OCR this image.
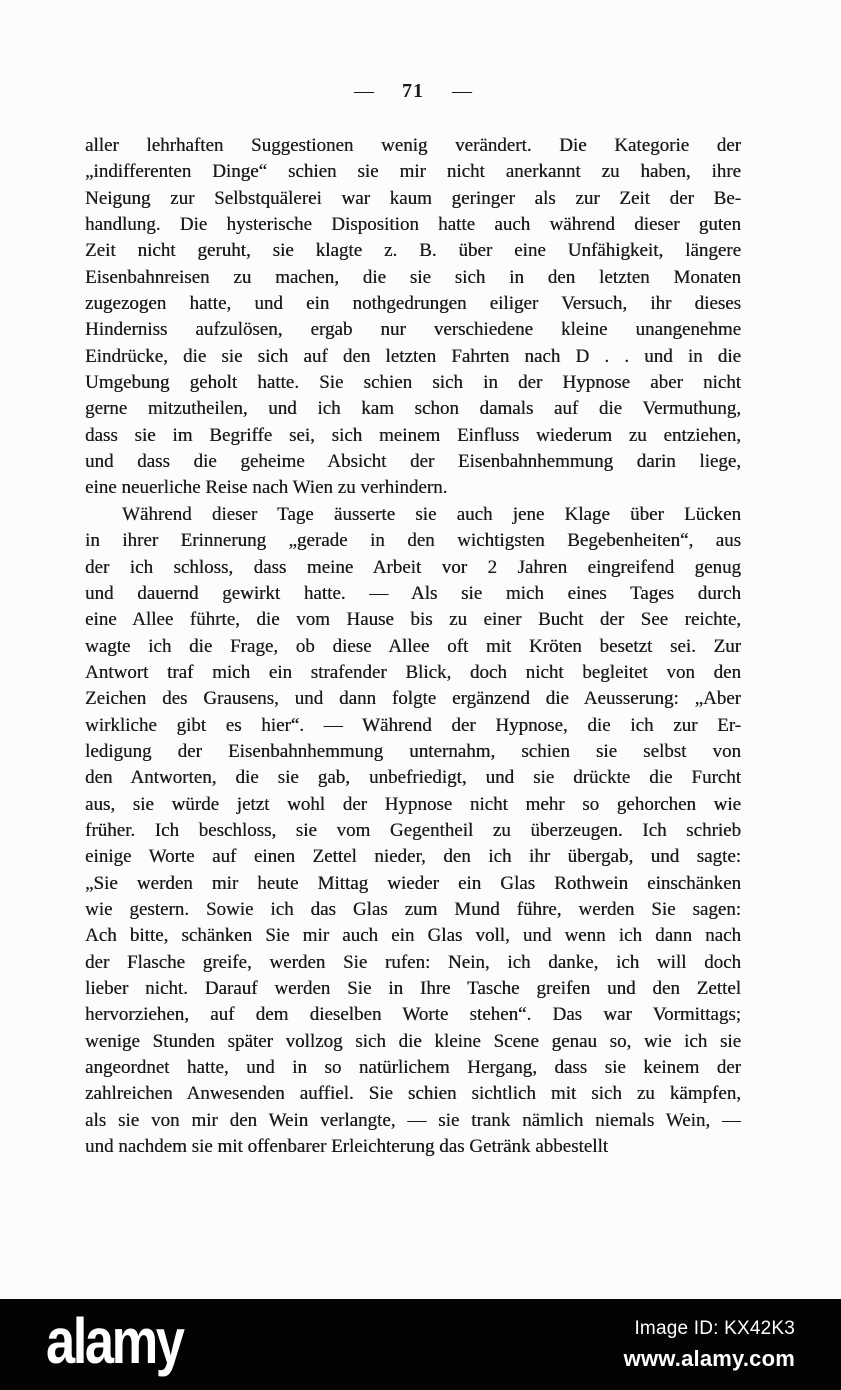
— 71 —
aller lehrhaften Suggestionen wenig verändert. Die Kategorie der
„indifferenten Dinge“ schien sie mir nicht anerkannt zu haben, ihre
Neigung zur Selbstquälerei war kaum geringer als zur Zeit der Be-
handlung. Die hysterische Disposition hatte auch während dieser guten
Zeit nicht geruht, sie klagte z. B. über eine Unfähigkeit, längere
Eisenbahnreisen zu machen, die sie sich in den letzten Monaten
zugezogen hatte, und ein nothgedrungen eiliger Versuch, ihr dieses
Hinderniss aufzulösen, ergab nur verschiedene kleine unangenehme
Eindrücke, die sie sich auf den letzten Fahrten nach D . . und in die
Umgebung geholt hatte. Sie schien sich in der Hypnose aber nicht
gerne mitzutheilen, und ich kam schon damals auf die Vermuthung,
dass sie im Begriffe sei, sich meinem Einfluss wiederum zu entziehen,
und dass die geheime Absicht der Eisenbahnhemmung darin liege,
eine neuerliche Reise nach Wien zu verhindern.
Während dieser Tage äusserte sie auch jene Klage über Lücken
in ihrer Erinnerung „gerade in den wichtigsten Begebenheiten“, aus
der ich schloss, dass meine Arbeit vor 2 Jahren eingreifend genug
und dauernd gewirkt hatte. — Als sie mich eines Tages durch
eine Allee führte, die vom Hause bis zu einer Bucht der See reichte,
wagte ich die Frage, ob diese Allee oft mit Kröten besetzt sei. Zur
Antwort traf mich ein strafender Blick, doch nicht begleitet von den
Zeichen des Grausens, und dann folgte ergänzend die Aeusserung: „Aber
wirkliche gibt es hier“. — Während der Hypnose, die ich zur Er-
ledigung der Eisenbahnhemmung unternahm, schien sie selbst von
den Antworten, die sie gab, unbefriedigt, und sie drückte die Furcht
aus, sie würde jetzt wohl der Hypnose nicht mehr so gehorchen wie
früher. Ich beschloss, sie vom Gegentheil zu überzeugen. Ich schrieb
einige Worte auf einen Zettel nieder, den ich ihr übergab, und sagte:
„Sie werden mir heute Mittag wieder ein Glas Rothwein einschänken
wie gestern. Sowie ich das Glas zum Mund führe, werden Sie sagen:
Ach bitte, schänken Sie mir auch ein Glas voll, und wenn ich dann nach
der Flasche greife, werden Sie rufen: Nein, ich danke, ich will doch
lieber nicht. Darauf werden Sie in Ihre Tasche greifen und den Zettel
hervorziehen, auf dem dieselben Worte stehen“. Das war Vormittags;
wenige Stunden später vollzog sich die kleine Scene genau so, wie ich sie
angeordnet hatte, und in so natürlichem Hergang, dass sie keinem der
zahlreichen Anwesenden auffiel. Sie schien sichtlich mit sich zu kämpfen,
als sie von mir den Wein verlangte, — sie trank nämlich niemals Wein, —
und nachdem sie mit offenbarer Erleichterung das Getränk abbestellt
alamy	Image ID: KX42K3
www.alamy.com
